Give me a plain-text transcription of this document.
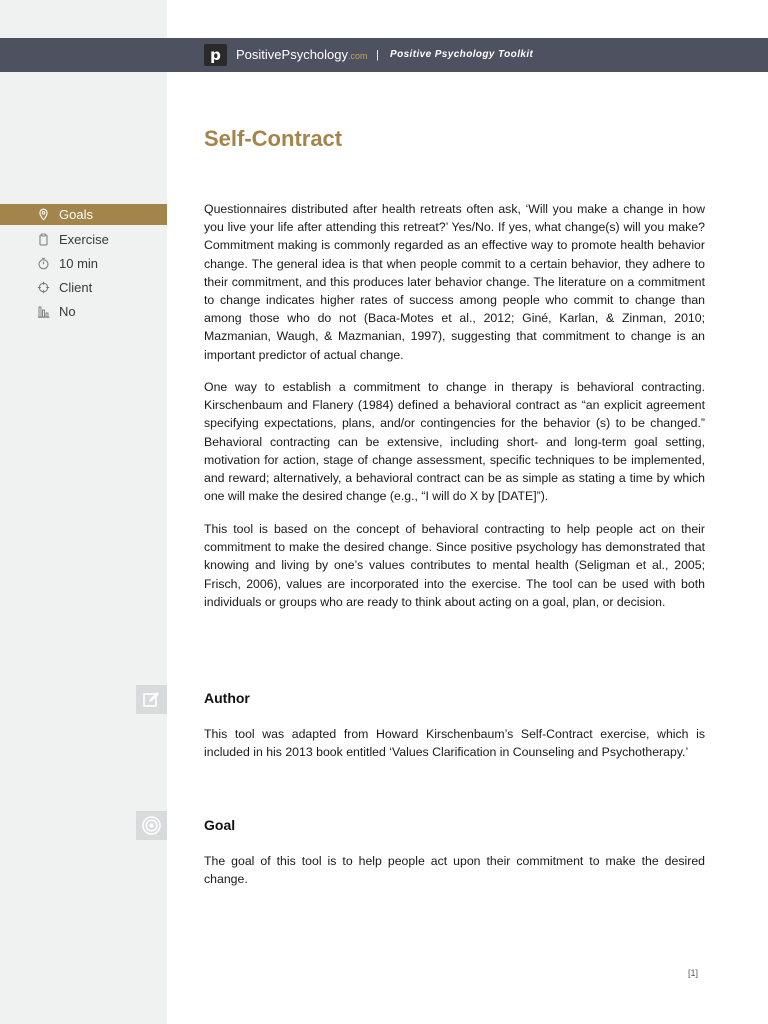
p	PositivePsychology.com | Positive Psychology Toolkit
Self-Contract
Goals
Exercise
10 min
Client
No

Questionnaires distributed after health retreats often ask, ‘Will you make a change in how you live your life after attending this retreat?’ Yes/No. If yes, what change(s) will you make? Commitment making is commonly regarded as an effective way to promote health behavior change. The general idea is that when people commit to a certain behavior, they adhere to their commitment, and this produces later behavior change. The literature on a commitment to change indicates higher rates of success among people who commit to change than among those who do not (Baca-Motes et al., 2012; Giné, Karlan, & Zinman, 2010; Mazmanian, Waugh, & Mazmanian, 1997), suggesting that commitment to change is an important predictor of actual change.

One way to establish a commitment to change in therapy is behavioral contracting. Kirschenbaum and Flanery (1984) defined a behavioral contract as “an explicit agreement specifying expectations, plans, and/or contingencies for the behavior (s) to be changed.” Behavioral contracting can be extensive, including short- and long-term goal setting, motivation for action, stage of change assessment, specific techniques to be implemented, and reward; alternatively, a behavioral contract can be as simple as stating a time by which one will make the desired change (e.g., “I will do X by [DATE]”).

This tool is based on the concept of behavioral contracting to help people act on their commitment to make the desired change. Since positive psychology has demonstrated that knowing and living by one’s values contributes to mental health (Seligman et al., 2005; Frisch, 2006), values are incorporated into the exercise. The tool can be used with both individuals or groups who are ready to think about acting on a goal, plan, or decision.

Author

This tool was adapted from Howard Kirschenbaum’s Self-Contract exercise, which is included in his 2013 book entitled ‘Values Clarification in Counseling and Psychotherapy.’

Goal

The goal of this tool is to help people act upon their commitment to make the desired change.

[1]
